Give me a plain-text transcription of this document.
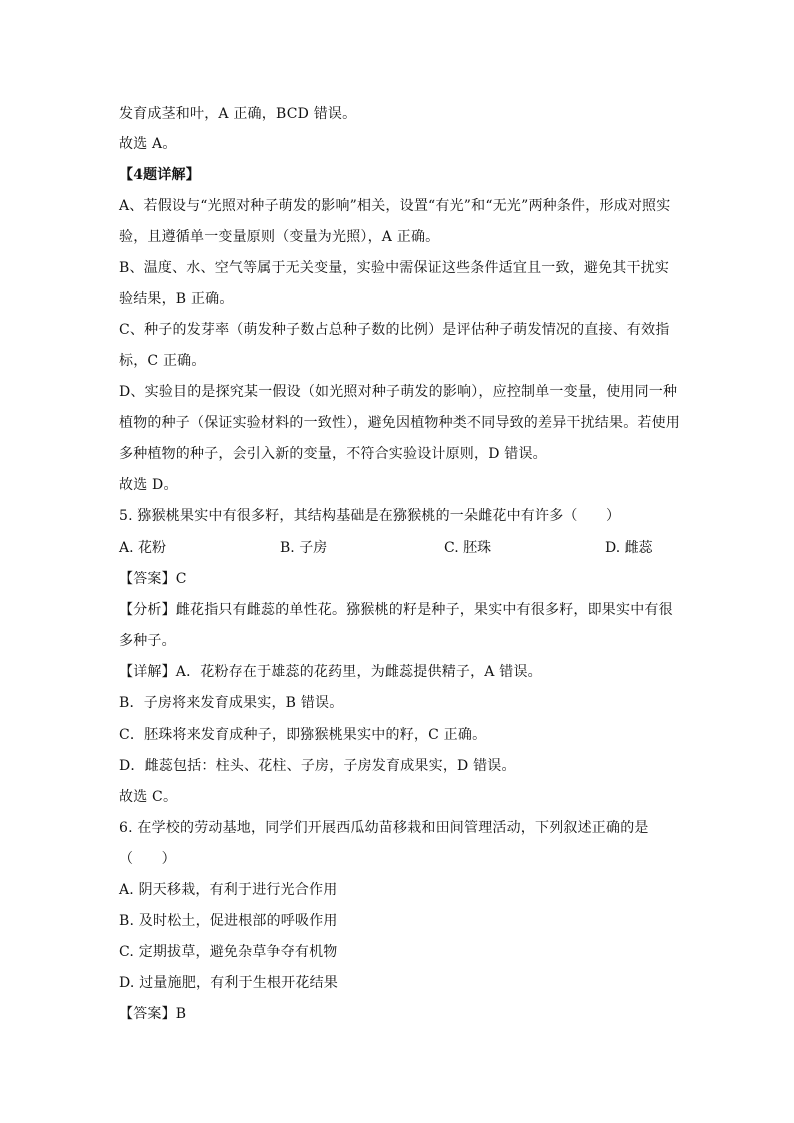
发育成茎和叶，A 正确，BCD 错误。
故选 A。
【4题详解】
A、若假设与“光照对种子萌发的影响”相关，设置“有光”和“无光”两种条件，形成对照实
验，且遵循单一变量原则（变量为光照），A 正确。
B、温度、水、空气等属于无关变量，实验中需保证这些条件适宜且一致，避免其干扰实
验结果，B 正确。
C、种子的发芽率（萌发种子数占总种子数的比例）是评估种子萌发情况的直接、有效指
标，C 正确。
D、实验目的是探究某一假设（如光照对种子萌发的影响），应控制单一变量，使用同一种
植物的种子（保证实验材料的一致性），避免因植物种类不同导致的差异干扰结果。若使用
多种植物的种子，会引入新的变量，不符合实验设计原则，D 错误。
故选 D。
5. 猕猴桃果实中有很多籽，其结构基础是在猕猴桃的一朵雌花中有许多（　　）
A. 花粉	B. 子房	C. 胚珠	D. 雌蕊
【答案】C
【分析】雌花指只有雌蕊的单性花。猕猴桃的籽是种子，果实中有很多籽，即果实中有很
多种子。
【详解】A．花粉存在于雄蕊的花药里，为雌蕊提供精子，A 错误。
B．子房将来发育成果实，B 错误。
C．胚珠将来发育成种子，即猕猴桃果实中的籽，C 正确。
D．雌蕊包括：柱头、花柱、子房，子房发育成果实，D 错误。
故选 C。
6. 在学校的劳动基地，同学们开展西瓜幼苗移栽和田间管理活动，下列叙述正确的是
（　　）
A. 阴天移栽，有利于进行光合作用
B. 及时松土，促进根部的呼吸作用
C. 定期拔草，避免杂草争夺有机物
D. 过量施肥，有利于生根开花结果
【答案】B
